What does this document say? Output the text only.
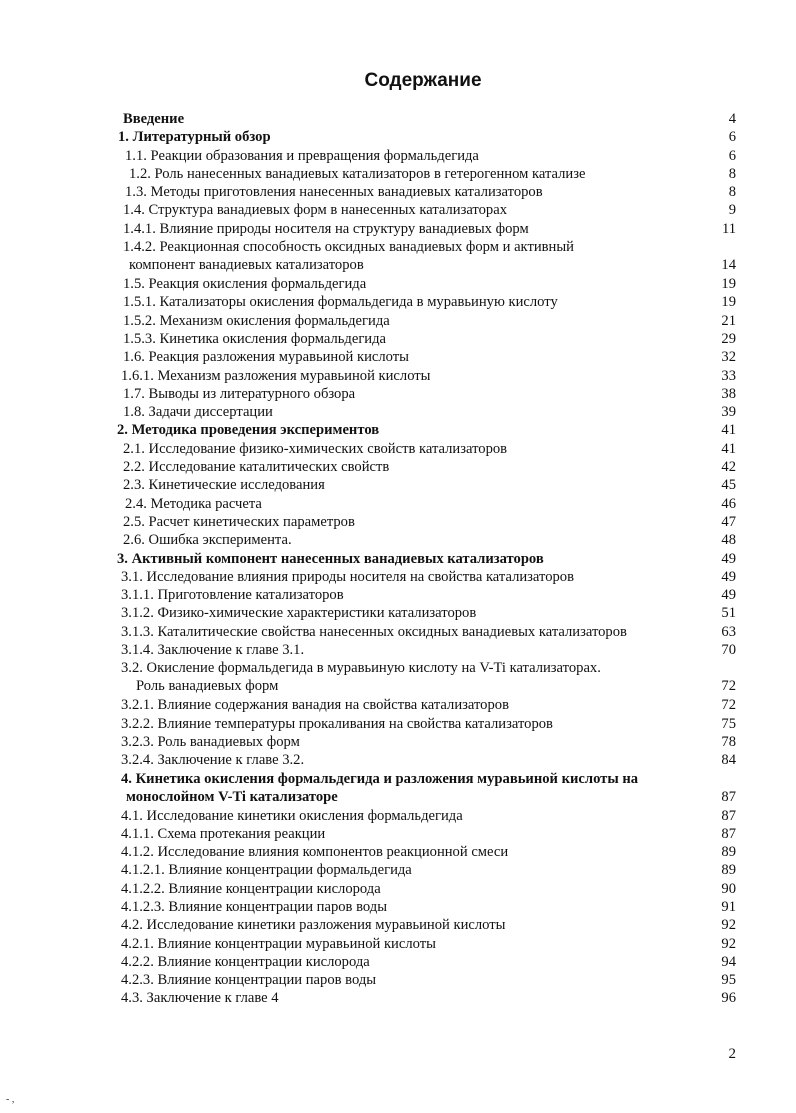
Содержание
Введение	4
1. Литературный обзор	6
1.1. Реакции образования и превращения формальдегида	6
1.2. Роль нанесенных ванадиевых катализаторов в гетерогенном катализе	8
1.3. Методы приготовления нанесенных ванадиевых катализаторов	8
1.4. Структура ванадиевых форм в нанесенных катализаторах	9
1.4.1. Влияние природы носителя на структуру ванадиевых форм	11
1.4.2. Реакционная способность оксидных ванадиевых форм и активный
компонент ванадиевых катализаторов	14
1.5. Реакция окисления формальдегида	19
1.5.1. Катализаторы окисления формальдегида в муравьиную кислоту	19
1.5.2. Механизм окисления формальдегида	21
1.5.3. Кинетика окисления формальдегида	29
1.6. Реакция разложения муравьиной кислоты	32
1.6.1. Механизм разложения муравьиной кислоты	33
1.7. Выводы из литературного обзора	38
1.8. Задачи диссертации	39
2. Методика проведения экспериментов	41
2.1. Исследование физико-химических свойств катализаторов	41
2.2. Исследование каталитических свойств	42
2.3. Кинетические исследования	45
2.4. Методика расчета	46
2.5. Расчет кинетических параметров	47
2.6. Ошибка эксперимента.	48
3. Активный компонент нанесенных ванадиевых катализаторов	49
3.1. Исследование влияния природы носителя на свойства катализаторов	49
3.1.1. Приготовление катализаторов	49
3.1.2. Физико-химические характеристики катализаторов	51
3.1.3. Каталитические свойства нанесенных оксидных ванадиевых катализаторов	63
3.1.4. Заключение к главе 3.1.	70
3.2. Окисление формальдегида в муравьиную кислоту на V-Ti катализаторах.
Роль ванадиевых форм	72
3.2.1. Влияние содержания ванадия на свойства катализаторов	72
3.2.2. Влияние температуры прокаливания на свойства катализаторов	75
3.2.3. Роль ванадиевых форм	78
3.2.4. Заключение к главе 3.2.	84
4. Кинетика окисления формальдегида и разложения муравьиной кислоты на
монослойном V-Ti катализаторе	87
4.1. Исследование кинетики окисления формальдегида	87
4.1.1. Схема протекания реакции	87
4.1.2. Исследование влияния компонентов реакционной смеси	89
4.1.2.1. Влияние концентрации формальдегида	89
4.1.2.2. Влияние концентрации кислорода	90
4.1.2.3. Влияние концентрации паров воды	91
4.2. Исследование кинетики разложения муравьиной кислоты	92
4.2.1. Влияние концентрации муравьиной кислоты	92
4.2.2. Влияние концентрации кислорода	94
4.2.3. Влияние концентрации паров воды	95
4.3. Заключение к главе 4	96
2
- ,
